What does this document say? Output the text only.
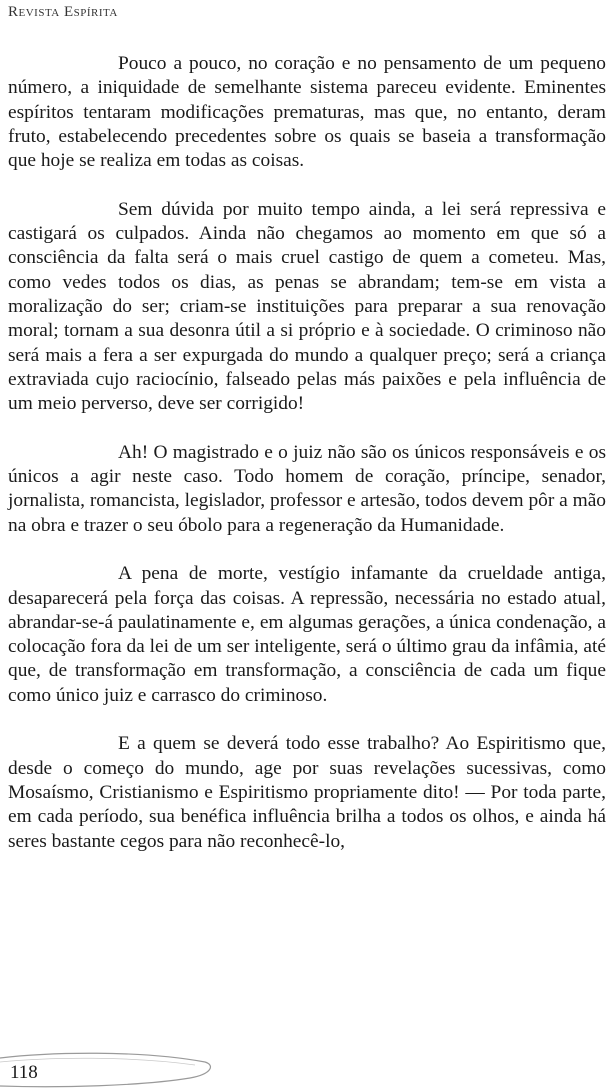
Revista Espírita

Pouco a pouco, no coração e no pensamento de um pequeno número, a iniquidade de semelhante sistema pareceu evidente. Eminentes espíritos tentaram modificações prematuras, mas que, no entanto, deram fruto, estabelecendo precedentes sobre os quais se baseia a transformação que hoje se realiza em todas as coisas.

Sem dúvida por muito tempo ainda, a lei será repressiva e castigará os culpados. Ainda não chegamos ao momento em que só a consciência da falta será o mais cruel castigo de quem a cometeu. Mas, como vedes todos os dias, as penas se abrandam; tem-se em vista a moralização do ser; criam-se instituições para preparar a sua renovação moral; tornam a sua desonra útil a si próprio e à sociedade. O criminoso não será mais a fera a ser expurgada do mundo a qualquer preço; será a criança extraviada cujo raciocínio, falseado pelas más paixões e pela influência de um meio perverso, deve ser corrigido!

Ah! O magistrado e o juiz não são os únicos responsáveis e os únicos a agir neste caso. Todo homem de coração, príncipe, senador, jornalista, romancista, legislador, professor e artesão, todos devem pôr a mão na obra e trazer o seu óbolo para a regeneração da Humanidade.

A pena de morte, vestígio infamante da crueldade antiga, desaparecerá pela força das coisas. A repressão, necessária no estado atual, abrandar-se-á paulatinamente e, em algumas gerações, a única condenação, a colocação fora da lei de um ser inteligente, será o último grau da infâmia, até que, de transformação em transformação, a consciência de cada um fique como único juiz e carrasco do criminoso.

E a quem se deverá todo esse trabalho? Ao Espiritismo que, desde o começo do mundo, age por suas revelações sucessivas, como Mosaísmo, Cristianismo e Espiritismo propriamente dito! — Por toda parte, em cada período, sua benéfica influência brilha a todos os olhos, e ainda há seres bastante cegos para não reconhecê-lo,

118
